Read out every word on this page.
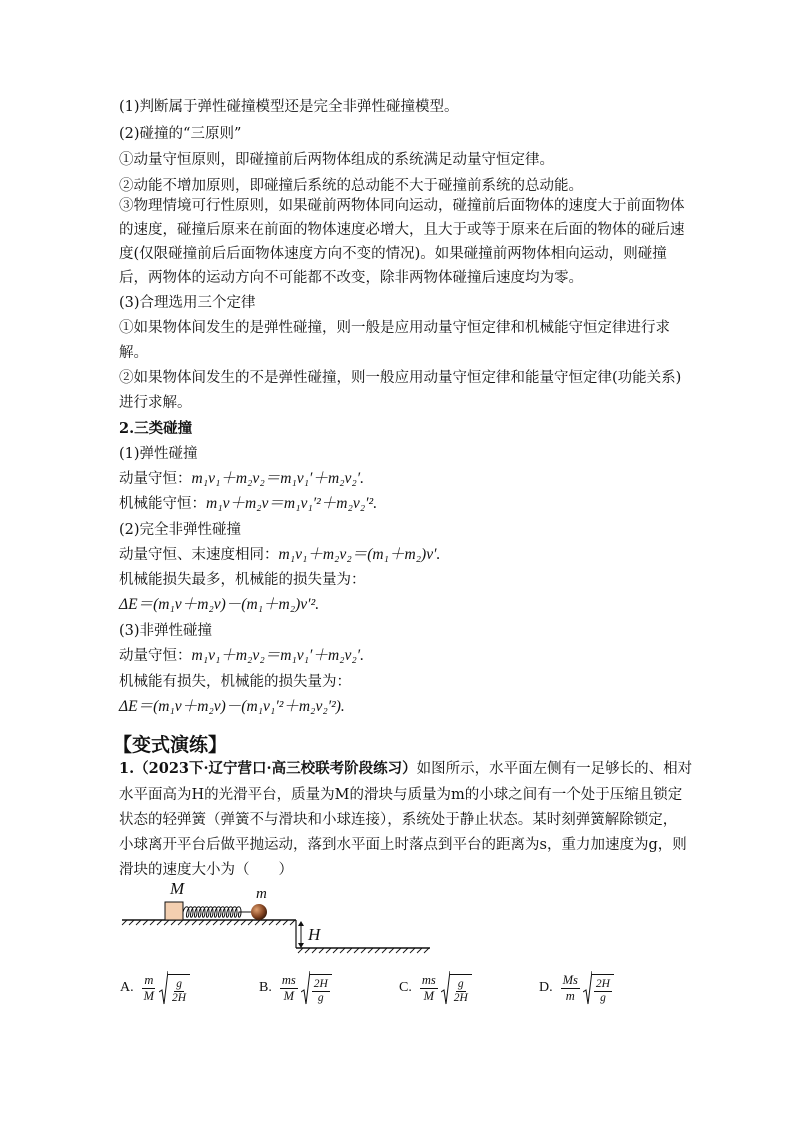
(1)判断属于弹性碰撞模型还是完全非弹性碰撞模型。
(2)碰撞的“三原则”
①动量守恒原则，即碰撞前后两物体组成的系统满足动量守恒定律。
②动能不增加原则，即碰撞后系统的总动能不大于碰撞前系统的总动能。
③物理情境可行性原则，如果碰前两物体同向运动，碰撞前后面物体的速度大于前面物体
的速度，碰撞后原来在前面的物体速度必增大，且大于或等于原来在后面的物体的碰后速
度(仅限碰撞前后后面物体速度方向不变的情况)。如果碰撞前两物体相向运动，则碰撞
后，两物体的运动方向不可能都不改变，除非两物体碰撞后速度均为零。
(3)合理选用三个定律
①如果物体间发生的是弹性碰撞，则一般是应用动量守恒定律和机械能守恒定律进行求
解。
②如果物体间发生的不是弹性碰撞，则一般应用动量守恒定律和能量守恒定律(功能关系)
进行求解。
2.三类碰撞
(1)弹性碰撞
动量守恒：m₁v₁＋m₂v₂＝m₁v₁′＋m₂v₂′.
机械能守恒：m₁v＋m₂v＝m₁v₁′²＋m₂v₂′².
(2)完全非弹性碰撞
动量守恒、末速度相同：m₁v₁＋m₂v₂＝(m₁＋m₂)v′.
机械能损失最多，机械能的损失量为：
ΔE＝(m₁v＋m₂v)－(m₁＋m₂)v′².
(3)非弹性碰撞
动量守恒：m₁v₁＋m₂v₂＝m₁v₁′＋m₂v₂′.
机械能有损失，机械能的损失量为：
ΔE＝(m₁v＋m₂v)－(m₁v₁′²＋m₂v₂′²).
【变式演练】
1.（2023下·辽宁营口·高三校联考阶段练习）如图所示，水平面左侧有一足够长的、相对
水平面高为H的光滑平台，质量为M的滑块与质量为m的小球之间有一个处于压缩且锁定
状态的轻弹簧（弹簧不与滑块和小球连接），系统处于静止状态。某时刻弹簧解除锁定，
小球离开平台后做平抛运动，落到水平面上时落点到平台的距离为s，重力加速度为g，则
滑块的速度大小为（　　）
M	m
H
A. $\frac{m}{M} \frac{g}{2H}$	B. $\frac{ms}{M} \frac{2H}{g}$	C. $\frac{ms}{M} \frac{g}{2H}$	D. $\frac{Ms}{m} \frac{2H}{g}$
